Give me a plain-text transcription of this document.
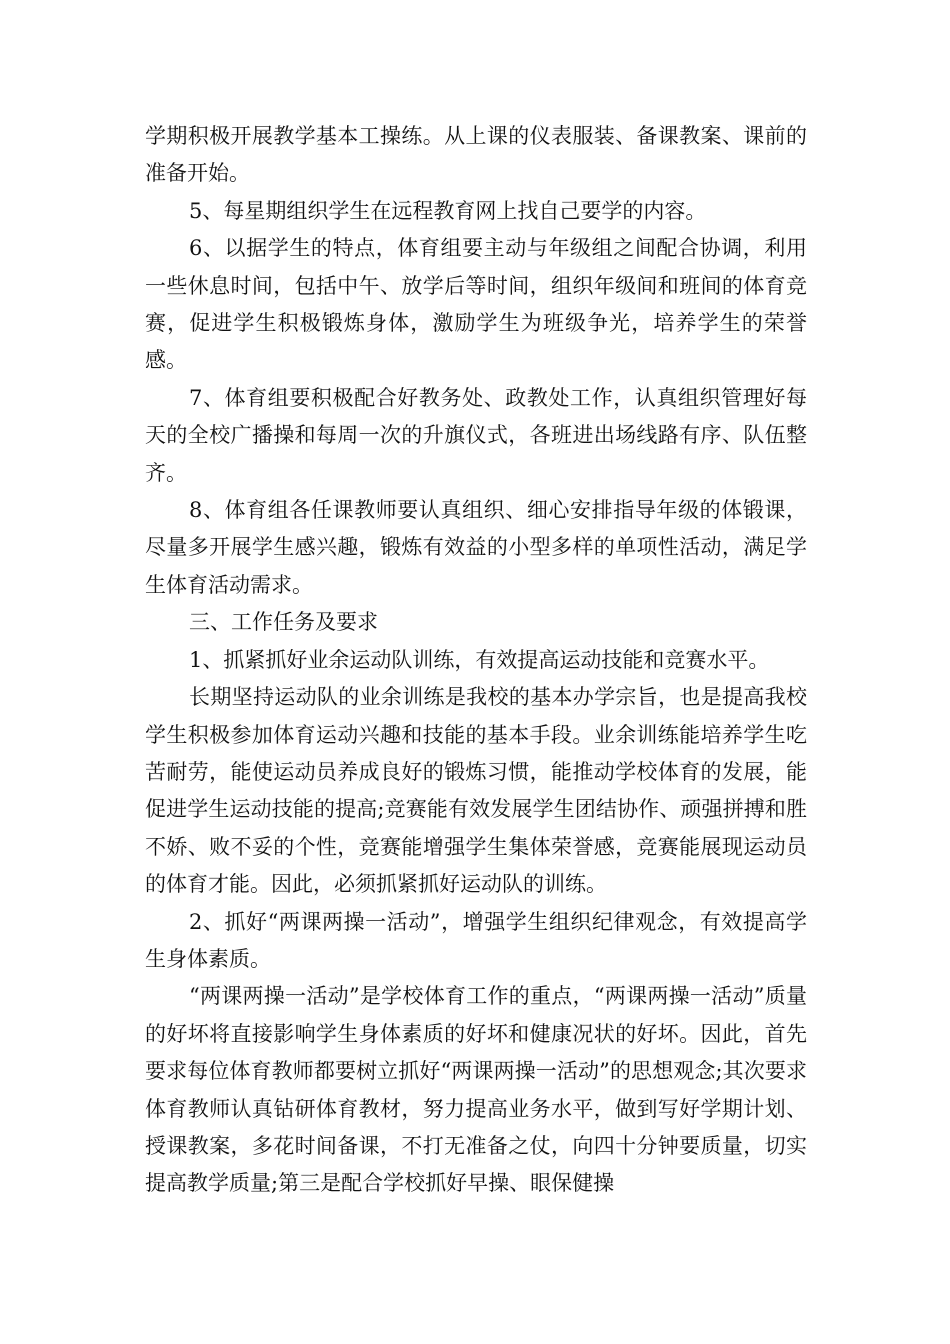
学期积极开展教学基本工操练。从上课的仪表服装、备课教案、课前的准备开始。

5、每星期组织学生在远程教育网上找自己要学的内容。

6、以据学生的特点，体育组要主动与年级组之间配合协调，利用一些休息时间，包括中午、放学后等时间，组织年级间和班间的体育竞赛，促进学生积极锻炼身体，激励学生为班级争光，培养学生的荣誉感。

7、体育组要积极配合好教务处、政教处工作，认真组织管理好每天的全校广播操和每周一次的升旗仪式，各班进出场线路有序、队伍整齐。

8、体育组各任课教师要认真组织、细心安排指导年级的体锻课，尽量多开展学生感兴趣，锻炼有效益的小型多样的单项性活动，满足学生体育活动需求。

三、工作任务及要求

1、抓紧抓好业余运动队训练，有效提高运动技能和竞赛水平。

长期坚持运动队的业余训练是我校的基本办学宗旨，也是提高我校学生积极参加体育运动兴趣和技能的基本手段。业余训练能培养学生吃苦耐劳，能使运动员养成良好的锻炼习惯，能推动学校体育的发展，能促进学生运动技能的提高;竞赛能有效发展学生团结协作、顽强拼搏和胜不娇、败不妥的个性，竞赛能增强学生集体荣誉感，竞赛能展现运动员的体育才能。因此，必须抓紧抓好运动队的训练。

2、抓好“两课两操一活动”，增强学生组织纪律观念，有效提高学生身体素质。

“两课两操一活动”是学校体育工作的重点，“两课两操一活动”质量的好坏将直接影响学生身体素质的好坏和健康况状的好坏。因此，首先要求每位体育教师都要树立抓好“两课两操一活动”的思想观念;其次要求体育教师认真钻研体育教材，努力提高业务水平，做到写好学期计划、授课教案，多花时间备课，不打无准备之仗，向四十分钟要质量，切实提高教学质量;第三是配合学校抓好早操、眼保健操
